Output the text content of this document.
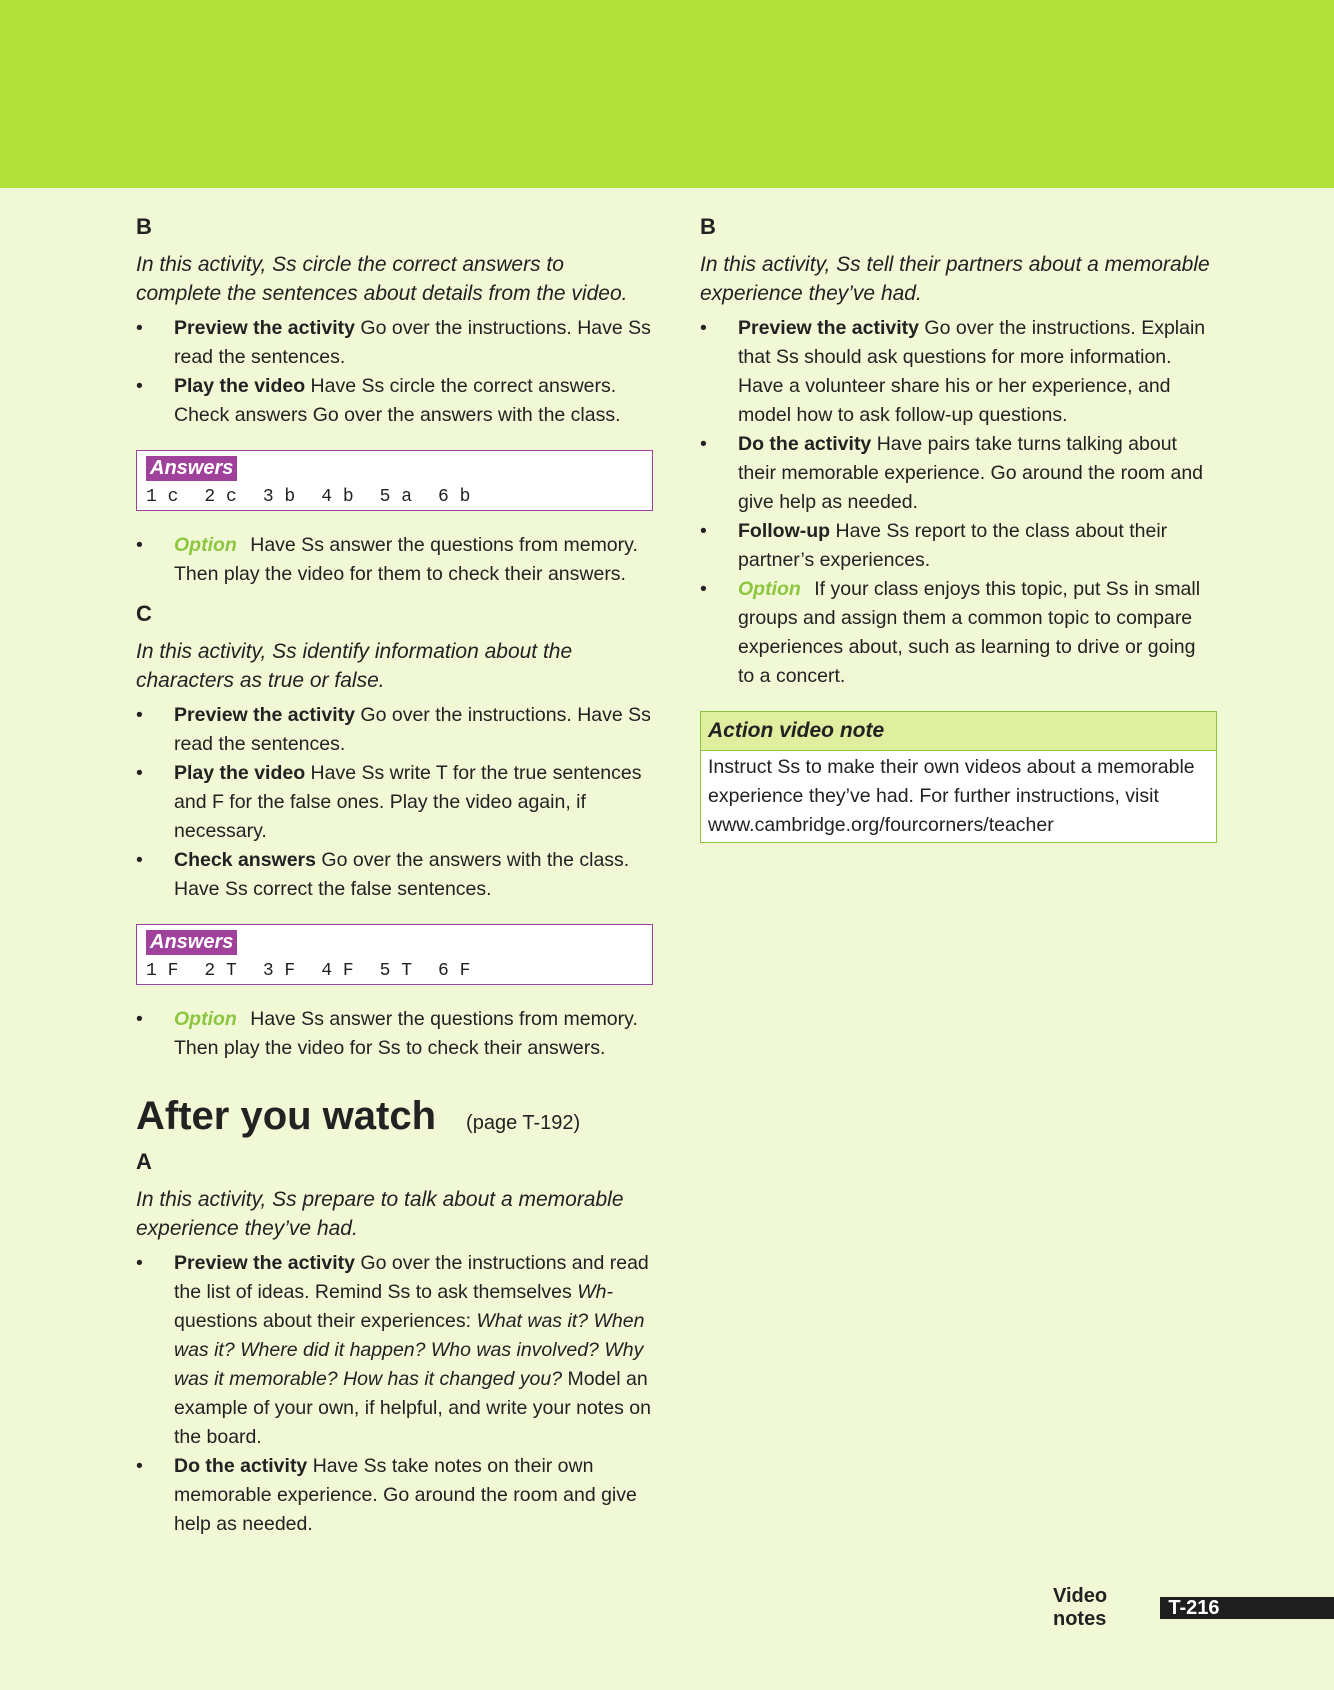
B
In this activity, Ss circle the correct answers to complete the sentences about details from the video.
• Preview the activity Go over the instructions. Have Ss read the sentences.
• Play the video Have Ss circle the correct answers. Check answers Go over the answers with the class.
Answers
1 c 2 c 3 b 4 b 5 a 6 b
• Option Have Ss answer the questions from memory. Then play the video for them to check their answers.
C
In this activity, Ss identify information about the characters as true or false.
• Preview the activity Go over the instructions. Have Ss read the sentences.
• Play the video Have Ss write T for the true sentences and F for the false ones. Play the video again, if necessary.
• Check answers Go over the answers with the class. Have Ss correct the false sentences.
Answers
1 F 2 T 3 F 4 F 5 T 6 F
• Option Have Ss answer the questions from memory. Then play the video for Ss to check their answers.
After you watch (page T-192)
A
In this activity, Ss prepare to talk about a memorable experience they’ve had.
• Preview the activity Go over the instructions and read the list of ideas. Remind Ss to ask themselves Wh- questions about their experiences: What was it? When was it? Where did it happen? Who was involved? Why was it memorable? How has it changed you? Model an example of your own, if helpful, and write your notes on the board.
• Do the activity Have Ss take notes on their own memorable experience. Go around the room and give help as needed.
B
In this activity, Ss tell their partners about a memorable experience they’ve had.
• Preview the activity Go over the instructions. Explain that Ss should ask questions for more information. Have a volunteer share his or her experience, and model how to ask follow-up questions.
• Do the activity Have pairs take turns talking about their memorable experience. Go around the room and give help as needed.
• Follow-up Have Ss report to the class about their partner’s experiences.
• Option If your class enjoys this topic, put Ss in small groups and assign them a common topic to compare experiences about, such as learning to drive or going to a concert.
Action video note
Instruct Ss to make their own videos about a memorable experience they’ve had. For further instructions, visit www.cambridge.org/fourcorners/teacher
Video notes	T-216
